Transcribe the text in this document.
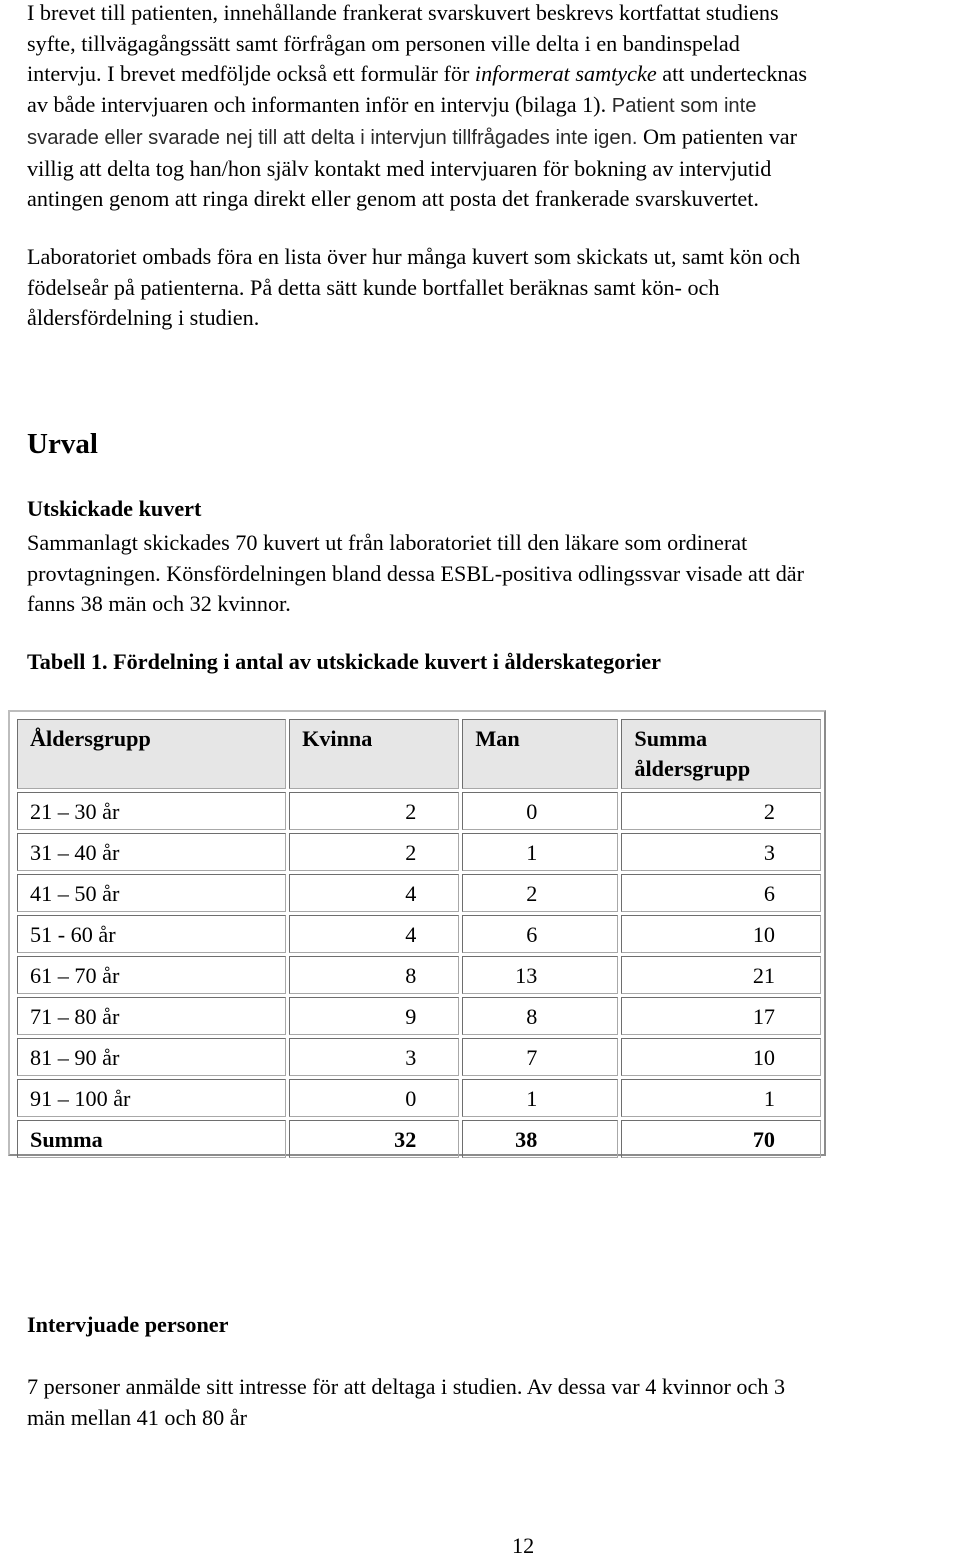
I brevet till patienten, innehållande frankerat svarskuvert beskrevs kortfattat studiens
syfte, tillvägagångssätt samt förfrågan om personen ville delta i en bandinspelad
intervju. I brevet medföljde också ett formulär för informerat samtycke att undertecknas
av både intervjuaren och informanten inför en intervju (bilaga 1). Patient som inte
svarade eller svarade nej till att delta i intervjun tillfrågades inte igen. Om patienten var
villig att delta tog han/hon själv kontakt med intervjuaren för bokning av intervjutid
antingen genom att ringa direkt eller genom att posta det frankerade svarskuvertet.
Laboratoriet ombads föra en lista över hur många kuvert som skickats ut, samt kön och
födelseår på patienterna. På detta sätt kunde bortfallet beräknas samt kön- och
åldersfördelning i studien.
Urval
Utskickade kuvert
Sammanlagt skickades 70 kuvert ut från laboratoriet till den läkare som ordinerat
provtagningen. Könsfördelningen bland dessa ESBL-positiva odlingssvar visade att där
fanns 38 män och 32 kvinnor.
Tabell 1. Fördelning i antal av utskickade kuvert i ålderskategorier
Intervjuade personer
7 personer anmälde sitt intresse för att deltaga i studien. Av dessa var 4 kvinnor och 3
män mellan 41 och 80 år

12

Åldersgrupp	Kvinna	Man	Summa
åldersgrupp

21 – 30 år	2	0	2
31 – 40 år	2	1	3
41 – 50 år	4	2	6
51 - 60 år	4	6	10
61 – 70 år	8	13	21
71 – 80 år	9	8	17
81 – 90 år	3	7	10
91 – 100 år	0	1	1
Summa	32	38	70
